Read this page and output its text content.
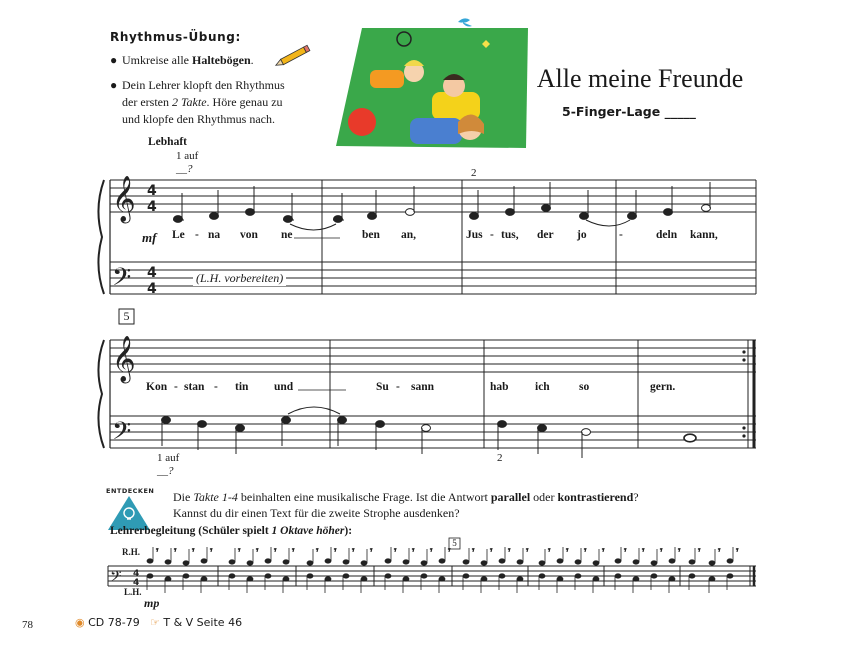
Rhythmus-Übung:
● Umkreise alle Haltebögen.
● Dein Lehrer klopft den Rhythmus
der ersten 2 Takte. Höre genau zu
und klopfe den Rhythmus nach.
Alle meine Freunde
5-Finger-Lage _____
Lebhaft
𝄞
𝄢
4
4
4
4
𝄞
𝄢
𝄢 4
4
𝄾 𝄾 𝄾 𝄾	𝄾 𝄾 𝄾 𝄾 𝄾 𝄾 𝄾 𝄾 𝄾 𝄾 𝄾 𝄾 𝄾 𝄾 𝄾 𝄾 𝄾 𝄾 𝄾 𝄾 𝄾 𝄾 𝄾 𝄾 𝄾 𝄾 𝄾
1 auf
__?	2
mf Le - na von ne	ben an,	Jus - tus, der jo	-	deln kann,
(L.H. vorbereiten)
5
Kon - stan - tin und	Su - sann	hab ich	so	gern.
1 auf
__?
2
ENTDECKEN Die Takte 1-4 beinhalten eine musikalische Frage. Ist die Antwort parallel oder kontrastierend?
Kannst du dir einen Text für die zweite Strophe ausdenken?
Lehrerbegleitung (Schüler spielt 1 Oktave höher):
R.H.
L.H.
mp
5
78	◉ CD 78-79 ☞ T & V Seite 46
